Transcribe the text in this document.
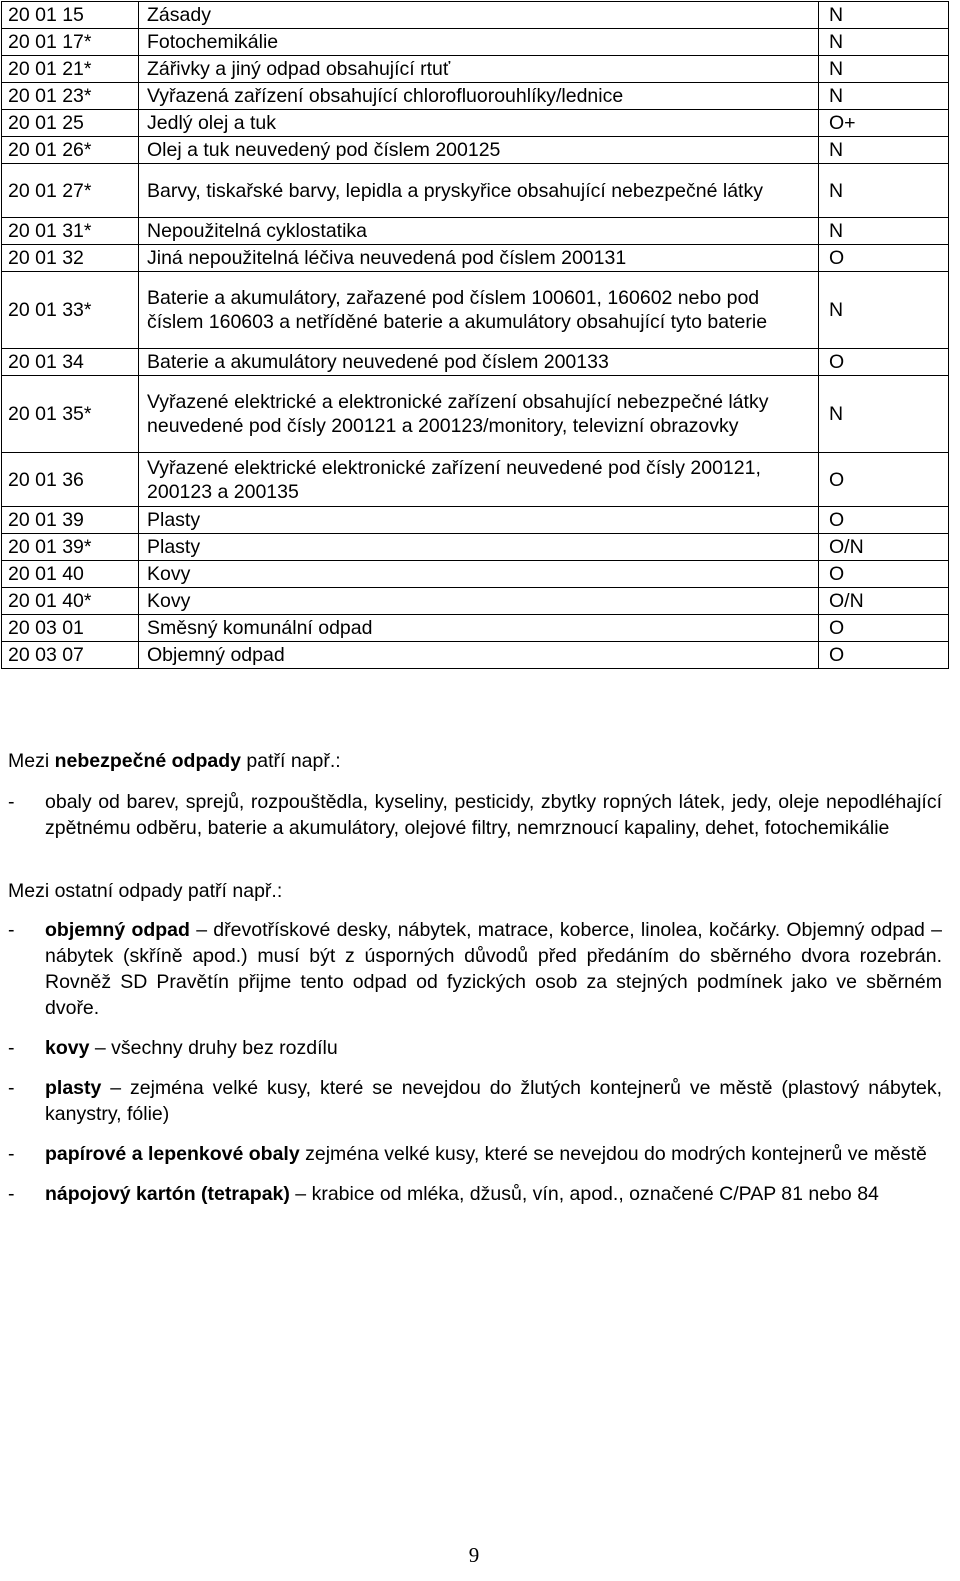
20 01 15	Zásady	N
20 01 17*	Fotochemikálie	N
20 01 21*	Zářivky a jiný odpad obsahující rtuť	N
20 01 23*	Vyřazená zařízení obsahující chlorofluorouhlíky/lednice	N
20 01 25	Jedlý olej a tuk	O+
20 01 26*	Olej a tuk neuvedený pod číslem 200125	N
20 01 27*	Barvy, tiskařské barvy, lepidla a pryskyřice obsahující nebezpečné látky	N
20 01 31*	Nepoužitelná cyklostatika	N
20 01 32	Jiná nepoužitelná léčiva neuvedená pod číslem 200131	O
20 01 33*	Baterie a akumulátory, zařazené pod číslem 100601, 160602 nebo pod číslem 160603 a netříděné baterie a akumulátory obsahující tyto baterie	N
20 01 34	Baterie a akumulátory neuvedené pod číslem 200133	O
20 01 35*	Vyřazené elektrické a elektronické zařízení obsahující nebezpečné látky neuvedené pod čísly 200121 a 200123/monitory, televizní obrazovky	N
20 01 36	Vyřazené elektrické elektronické zařízení neuvedené pod čísly 200121, 200123 a 200135	O
20 01 39	Plasty	O
20 01 39*	Plasty	O/N
20 01 40	Kovy	O
20 01 40*	Kovy	O/N
20 03 01	Směsný komunální odpad	O
20 03 07	Objemný odpad	O
Mezi nebezpečné odpady patří např.:
- obaly od barev, sprejů, rozpouštědla, kyseliny, pesticidy, zbytky ropných látek, jedy, oleje nepodléhající zpětnému odběru, baterie a akumulátory, olejové filtry, nemrznoucí kapaliny, dehet, fotochemikálie
Mezi ostatní odpady patří např.:
- objemný odpad – dřevotřískové desky, nábytek, matrace, koberce, linolea, kočárky. Objemný odpad – nábytek (skříně apod.) musí být z úsporných důvodů před předáním do sběrného dvora rozebrán. Rovněž SD Pravětín přijme tento odpad od fyzických osob za stejných podmínek jako ve sběrném dvoře.
- kovy – všechny druhy bez rozdílu
- plasty – zejména velké kusy, které se nevejdou do žlutých kontejnerů ve městě (plastový nábytek, kanystry, fólie)
- papírové a lepenkové obaly zejména velké kusy, které se nevejdou do modrých kontejnerů ve městě
- nápojový kartón (tetrapak) – krabice od mléka, džusů, vín, apod., označené C/PAP 81 nebo 84
9
